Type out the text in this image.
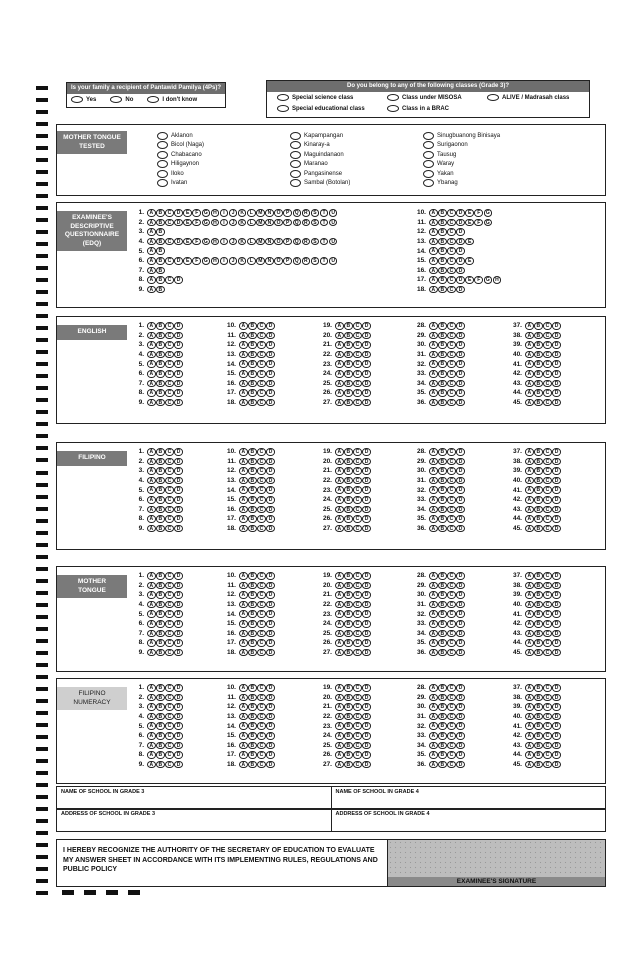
Is your family a recipient of Pantawid Pamilya (4Ps)?
Yes	No	I don't know
Do you belong to any of the following classes (Grade 3)?
Special science class	Class under MISOSA	ALIVE / Madrasah class
Special educational class	Class in a BRAC
MOTHER TONGUE
TESTED
Aklanon
Bicol (Naga)
Chabacano
Hiligaynon
Iloko
Ivatan
Kapampangan
Kinaray-a
Maguindanaon
Maranao
Pangasinense
Sambal (Botolan)
Sinugbuanong Binisaya
Surigaonon
Tausug
Waray
Yakan
Ybanag
EXAMINEE'S
DESCRIPTIVE
QUESTIONNAIRE
(EDQ)
1.	A	B	C	D	E	F	G	H	I	J	K	L	M	N	O	P	Q	R	S	T	U
2.	A	B	C	D	E	F	G	H	I	J	K	L	M	N	O	P	Q	R	S	T	U
3.	A	B
4.	A	B	C	D	E	F	G	H	I	J	K	L	M	N	O	P	Q	R	S	T	U
5.	A	B
6.	A	B	C	D	E	F	G	H	I	J	K	L	M	N	O	P	Q	R	S	T	U
7.	A	B
8.	A	B	C	D
9.	A	B
10.	A	B	C	D	E	F	G
11.	A	B	C	D	E	F	G
12.	A	B	C	D
13.	A	B	C	D	E
14.	A	B	C	D
15.	A	B	C	D	E
16.	A	B	C	D
17.	A	B	C	D	E	F	G	H
18.	A	B	C	D
ENGLISH
1.	A	B	C	D
2.	A	B	C	D
3.	A	B	C	D
4.	A	B	C	D
5.	A	B	C	D
6.	A	B	C	D
7.	A	B	C	D
8.	A	B	C	D
9.	A	B	C	D
10.	A	B	C	D
11.	A	B	C	D
12.	A	B	C	D
13.	A	B	C	D
14.	A	B	C	D
15.	A	B	C	D
16.	A	B	C	D
17.	A	B	C	D
18.	A	B	C	D
19.	A	B	C	D
20.	A	B	C	D
21.	A	B	C	D
22.	A	B	C	D
23.	A	B	C	D
24.	A	B	C	D
25.	A	B	C	D
26.	A	B	C	D
27.	A	B	C	D
28.	A	B	C	D
29.	A	B	C	D
30.	A	B	C	D
31.	A	B	C	D
32.	A	B	C	D
33.	A	B	C	D
34.	A	B	C	D
35.	A	B	C	D
36.	A	B	C	D
37.	A	B	C	D
38.	A	B	C	D
39.	A	B	C	D
40.	A	B	C	D
41.	A	B	C	D
42.	A	B	C	D
43.	A	B	C	D
44.	A	B	C	D
45.	A	B	C	D
FILIPINO
1.	A	B	C	D
2.	A	B	C	D
3.	A	B	C	D
4.	A	B	C	D
5.	A	B	C	D
6.	A	B	C	D
7.	A	B	C	D
8.	A	B	C	D
9.	A	B	C	D
10.	A	B	C	D
11.	A	B	C	D
12.	A	B	C	D
13.	A	B	C	D
14.	A	B	C	D
15.	A	B	C	D
16.	A	B	C	D
17.	A	B	C	D
18.	A	B	C	D
19.	A	B	C	D
20.	A	B	C	D
21.	A	B	C	D
22.	A	B	C	D
23.	A	B	C	D
24.	A	B	C	D
25.	A	B	C	D
26.	A	B	C	D
27.	A	B	C	D
28.	A	B	C	D
29.	A	B	C	D
30.	A	B	C	D
31.	A	B	C	D
32.	A	B	C	D
33.	A	B	C	D
34.	A	B	C	D
35.	A	B	C	D
36.	A	B	C	D
37.	A	B	C	D
38.	A	B	C	D
39.	A	B	C	D
40.	A	B	C	D
41.	A	B	C	D
42.	A	B	C	D
43.	A	B	C	D
44.	A	B	C	D
45.	A	B	C	D
MOTHER
TONGUE
1.	A	B	C	D
2.	A	B	C	D
3.	A	B	C	D
4.	A	B	C	D
5.	A	B	C	D
6.	A	B	C	D
7.	A	B	C	D
8.	A	B	C	D
9.	A	B	C	D
10.	A	B	C	D
11.	A	B	C	D
12.	A	B	C	D
13.	A	B	C	D
14.	A	B	C	D
15.	A	B	C	D
16.	A	B	C	D
17.	A	B	C	D
18.	A	B	C	D
19.	A	B	C	D
20.	A	B	C	D
21.	A	B	C	D
22.	A	B	C	D
23.	A	B	C	D
24.	A	B	C	D
25.	A	B	C	D
26.	A	B	C	D
27.	A	B	C	D
28.	A	B	C	D
29.	A	B	C	D
30.	A	B	C	D
31.	A	B	C	D
32.	A	B	C	D
33.	A	B	C	D
34.	A	B	C	D
35.	A	B	C	D
36.	A	B	C	D
37.	A	B	C	D
38.	A	B	C	D
39.	A	B	C	D
40.	A	B	C	D
41.	A	B	C	D
42.	A	B	C	D
43.	A	B	C	D
44.	A	B	C	D
45.	A	B	C	D
FILIPINO
NUMERACY
1.	A	B	C	D
2.	A	B	C	D
3.	A	B	C	D
4.	A	B	C	D
5.	A	B	C	D
6.	A	B	C	D
7.	A	B	C	D
8.	A	B	C	D
9.	A	B	C	D
10.	A	B	C	D
11.	A	B	C	D
12.	A	B	C	D
13.	A	B	C	D
14.	A	B	C	D
15.	A	B	C	D
16.	A	B	C	D
17.	A	B	C	D
18.	A	B	C	D
19.	A	B	C	D
20.	A	B	C	D
21.	A	B	C	D
22.	A	B	C	D
23.	A	B	C	D
24.	A	B	C	D
25.	A	B	C	D
26.	A	B	C	D
27.	A	B	C	D
28.	A	B	C	D
29.	A	B	C	D
30.	A	B	C	D
31.	A	B	C	D
32.	A	B	C	D
33.	A	B	C	D
34.	A	B	C	D
35.	A	B	C	D
36.	A	B	C	D
37.	A	B	C	D
38.	A	B	C	D
39.	A	B	C	D
40.	A	B	C	D
41.	A	B	C	D
42.	A	B	C	D
43.	A	B	C	D
44.	A	B	C	D
45.	A	B	C	D
NAME OF SCHOOL IN GRADE 3	NAME OF SCHOOL IN GRADE 4
ADDRESS OF SCHOOL IN GRADE 3	ADDRESS OF SCHOOL IN GRADE 4
I HEREBY RECOGNIZE THE AUTHORITY OF THE SECRETARY OF EDUCATION TO EVALUATE MY ANSWER SHEET IN ACCORDANCE WITH ITS IMPLEMENTING RULES, REGULATIONS AND PUBLIC POLICY
EXAMINEE'S SIGNATURE
